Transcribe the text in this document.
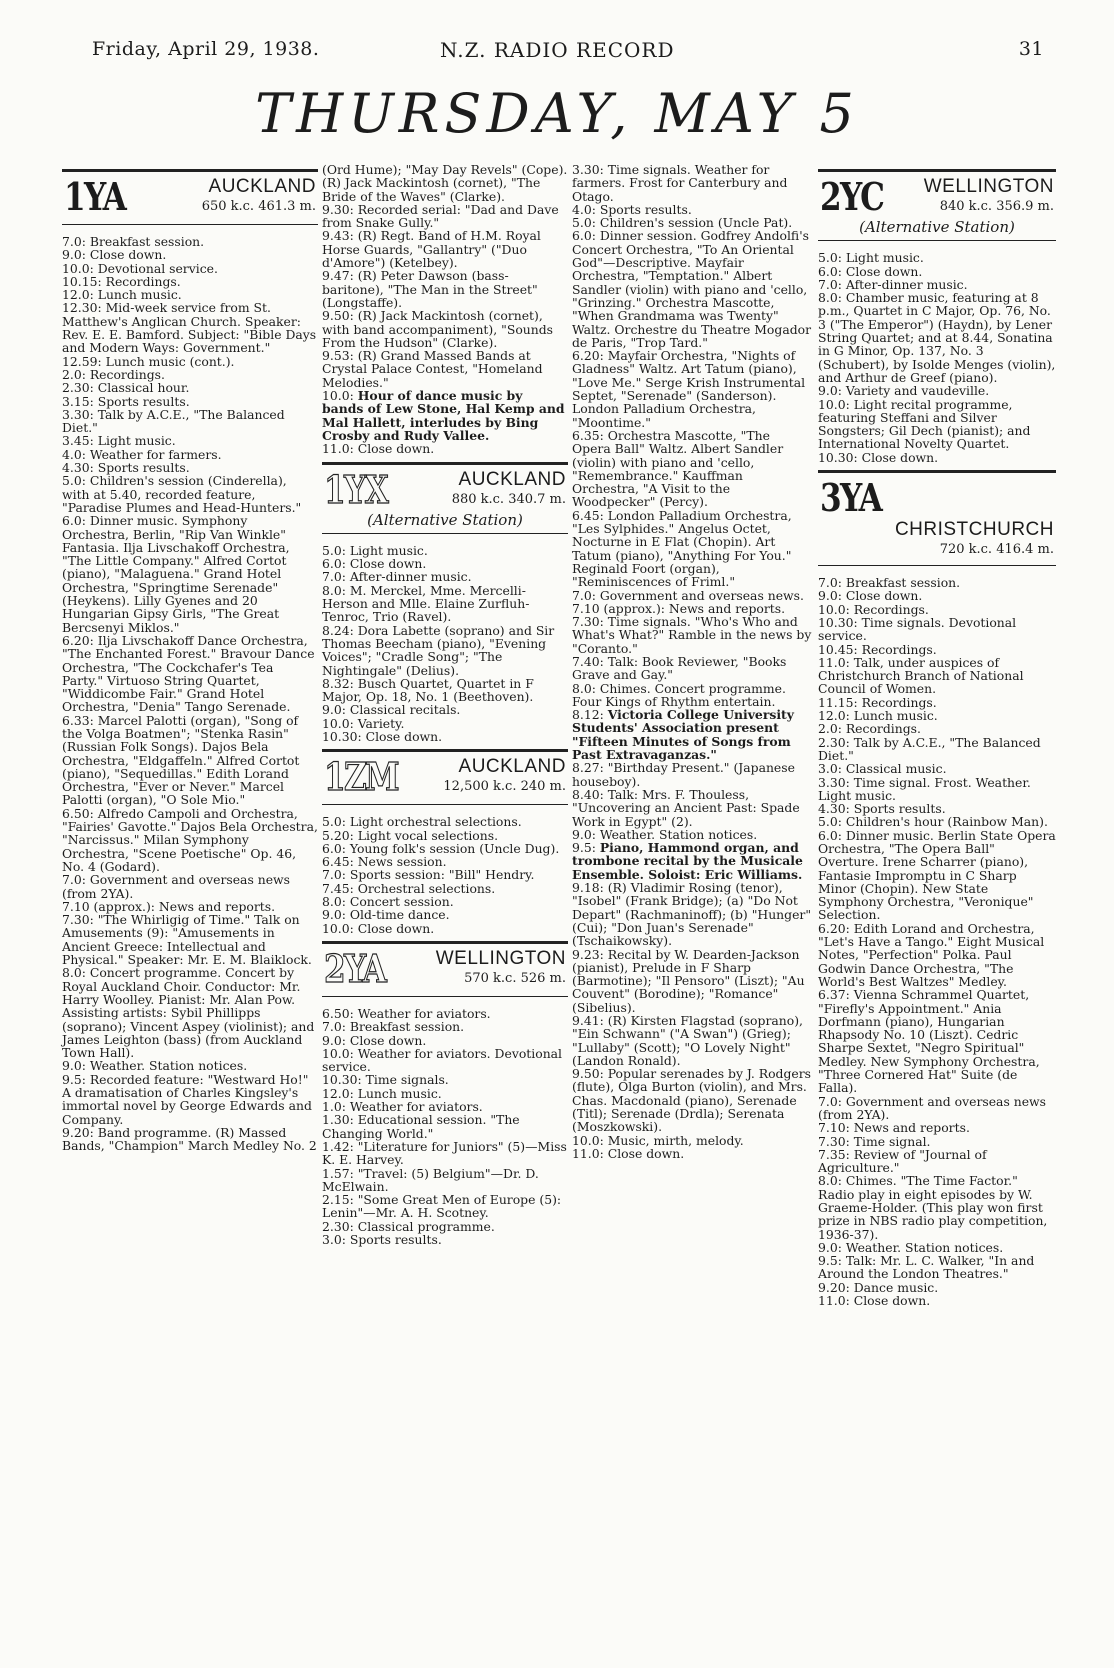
Friday, April 29, 1938.	N.Z. RADIO RECORD	31
THURSDAY, MAY 5
1YA	AUCKLAND
650 k.c. 461.3 m.

7.0: Breakfast session.

9.0: Close down.

10.0: Devotional service.

10.15: Recordings.

12.0: Lunch music.

12.30: Mid-week service from St. Matthew's Anglican Church. Speaker: Rev. E. E. Bamford. Subject: "Bible Days and Modern Ways: Government."

12.59: Lunch music (cont.).

2.0: Recordings.

2.30: Classical hour.

3.15: Sports results.

3.30: Talk by A.C.E., "The Balanced Diet."

3.45: Light music.

4.0: Weather for farmers.

4.30: Sports results.

5.0: Children's session (Cinderella), with at 5.40, recorded feature, "Paradise Plumes and Head-Hunters."

6.0: Dinner music. Symphony Orchestra, Berlin, "Rip Van Winkle" Fantasia. Ilja Livschakoff Orchestra, "The Little Company." Alfred Cortot (piano), "Malaguena." Grand Hotel Orchestra, "Springtime Serenade" (Heykens). Lilly Gyenes and 20 Hungarian Gipsy Girls, "The Great Bercsenyi Miklos."

6.20: Ilja Livschakoff Dance Orchestra, "The Enchanted Forest." Bravour Dance Orchestra, "The Cockchafer's Tea Party." Virtuoso String Quartet, "Widdicombe Fair." Grand Hotel Orchestra, "Denia" Tango Serenade.

6.33: Marcel Palotti (organ), "Song of the Volga Boatmen"; "Stenka Rasin" (Russian Folk Songs). Dajos Bela Orchestra, "Eldgaffeln." Alfred Cortot (piano), "Sequedillas." Edith Lorand Orchestra, "Ever or Never." Marcel Palotti (organ), "O Sole Mio."

6.50: Alfredo Campoli and Orchestra, "Fairies' Gavotte." Dajos Bela Orchestra, "Narcissus." Milan Symphony Orchestra, "Scene Poetische" Op. 46, No. 4 (Godard).

7.0: Government and overseas news (from 2YA).

7.10 (approx.): News and reports.

7.30: "The Whirligig of Time." Talk on Amusements (9): "Amusements in Ancient Greece: Intellectual and Physical." Speaker: Mr. E. M. Blaiklock.

8.0: Concert programme. Concert by Royal Auckland Choir. Conductor: Mr. Harry Woolley. Pianist: Mr. Alan Pow. Assisting artists: Sybil Phillipps (soprano); Vincent Aspey (violinist); and James Leighton (bass) (from Auckland Town Hall).

9.0: Weather. Station notices.

9.5: Recorded feature: "Westward Ho!" A dramatisation of Charles Kingsley's immortal novel by George Edwards and Company.

9.20: Band programme. (R) Massed Bands, "Champion" March Medley No. 2

(Ord Hume); "May Day Revels" (Cope). (R) Jack Mackintosh (cornet), "The Bride of the Waves" (Clarke).

9.30: Recorded serial: "Dad and Dave from Snake Gully."

9.43: (R) Regt. Band of H.M. Royal Horse Guards, "Gallantry" ("Duo d'Amore") (Ketelbey).

9.47: (R) Peter Dawson (bass-baritone), "The Man in the Street" (Longstaffe).

9.50: (R) Jack Mackintosh (cornet), with band accompaniment), "Sounds From the Hudson" (Clarke).

9.53: (R) Grand Massed Bands at Crystal Palace Contest, "Homeland Melodies."

10.0: Hour of dance music by bands of Lew Stone, Hal Kemp and Mal Hallett, interludes by Bing Crosby and Rudy Vallee.

11.0: Close down.

1YX	AUCKLAND
880 k.c. 340.7 m.
(Alternative Station)

5.0: Light music.

6.0: Close down.

7.0: After-dinner music.

8.0: M. Merckel, Mme. Mercelli-Herson and Mlle. Elaine Zurfluh-Tenroc, Trio (Ravel).

8.24: Dora Labette (soprano) and Sir Thomas Beecham (piano), "Evening Voices"; "Cradle Song"; "The Nightingale" (Delius).

8.32: Busch Quartet, Quartet in F Major, Op. 18, No. 1 (Beethoven).

9.0: Classical recitals.

10.0: Variety.

10.30: Close down.

1ZM	AUCKLAND
12,500 k.c. 240 m.

5.0: Light orchestral selections.

5.20: Light vocal selections.

6.0: Young folk's session (Uncle Dug).

6.45: News session.

7.0: Sports session: "Bill" Hendry.

7.45: Orchestral selections.

8.0: Concert session.

9.0: Old-time dance.

10.0: Close down.

2YA	WELLINGTON
570 k.c. 526 m.

6.50: Weather for aviators.

7.0: Breakfast session.

9.0: Close down.

10.0: Weather for aviators. Devotional service.

10.30: Time signals.

12.0: Lunch music.

1.0: Weather for aviators.

1.30: Educational session. "The Changing World."

1.42: "Literature for Juniors" (5)—Miss K. E. Harvey.

1.57: "Travel: (5) Belgium"—Dr. D. McElwain.

2.15: "Some Great Men of Europe (5): Lenin"—Mr. A. H. Scotney.

2.30: Classical programme.

3.0: Sports results.

3.30: Time signals. Weather for farmers. Frost for Canterbury and Otago.

4.0: Sports results.

5.0: Children's session (Uncle Pat).

6.0: Dinner session. Godfrey Andolfi's Concert Orchestra, "To An Oriental God"—Descriptive. Mayfair Orchestra, "Temptation." Albert Sandler (violin) with piano and 'cello, "Grinzing." Orchestra Mascotte, "When Grandmama was Twenty" Waltz. Orchestre du Theatre Mogador de Paris, "Trop Tard."

6.20: Mayfair Orchestra, "Nights of Gladness" Waltz. Art Tatum (piano), "Love Me." Serge Krish Instrumental Septet, "Serenade" (Sanderson). London Palladium Orchestra, "Moontime."

6.35: Orchestra Mascotte, "The Opera Ball" Waltz. Albert Sandler (violin) with piano and 'cello, "Remembrance." Kauffman Orchestra, "A Visit to the Woodpecker" (Percy).

6.45: London Palladium Orchestra, "Les Sylphides." Angelus Octet, Nocturne in E Flat (Chopin). Art Tatum (piano), "Anything For You." Reginald Foort (organ), "Reminiscences of Friml."

7.0: Government and overseas news.

7.10 (approx.): News and reports.

7.30: Time signals. "Who's Who and What's What?" Ramble in the news by "Coranto."

7.40: Talk: Book Reviewer, "Books Grave and Gay."

8.0: Chimes. Concert programme. Four Kings of Rhythm entertain.

8.12: Victoria College University Students' Association present "Fifteen Minutes of Songs from Past Extravaganzas."

8.27: "Birthday Present." (Japanese houseboy).

8.40: Talk: Mrs. F. Thouless, "Uncovering an Ancient Past: Spade Work in Egypt" (2).

9.0: Weather. Station notices.

9.5: Piano, Hammond organ, and trombone recital by the Musicale Ensemble. Soloist: Eric Williams.

9.18: (R) Vladimir Rosing (tenor), "Isobel" (Frank Bridge); (a) "Do Not Depart" (Rachmaninoff); (b) "Hunger" (Cui); "Don Juan's Serenade" (Tschaikowsky).

9.23: Recital by W. Dearden-Jackson (pianist), Prelude in F Sharp (Barmotine); "Il Pensoro" (Liszt); "Au Couvent" (Borodine); "Romance" (Sibelius).

9.41: (R) Kirsten Flagstad (soprano), "Ein Schwann" ("A Swan") (Grieg); "Lullaby" (Scott); "O Lovely Night" (Landon Ronald).

9.50: Popular serenades by J. Rodgers (flute), Olga Burton (violin), and Mrs. Chas. Macdonald (piano), Serenade (Titl); Serenade (Drdla); Serenata (Moszkowski).

10.0: Music, mirth, melody.

11.0: Close down.

2YC	WELLINGTON
840 k.c. 356.9 m.
(Alternative Station)

5.0: Light music.

6.0: Close down.

7.0: After-dinner music.

8.0: Chamber music, featuring at 8 p.m., Quartet in C Major, Op. 76, No. 3 ("The Emperor") (Haydn), by Lener String Quartet; and at 8.44, Sonatina in G Minor, Op. 137, No. 3 (Schubert), by Isolde Menges (violin), and Arthur de Greef (piano).

9.0: Variety and vaudeville.

10.0: Light recital programme, featuring Steffani and Silver Songsters; Gil Dech (pianist); and International Novelty Quartet.

10.30: Close down.

3YA
CHRISTCHURCH
720 k.c. 416.4 m.

7.0: Breakfast session.

9.0: Close down.

10.0: Recordings.

10.30: Time signals. Devotional service.

10.45: Recordings.

11.0: Talk, under auspices of Christchurch Branch of National Council of Women.

11.15: Recordings.

12.0: Lunch music.

2.0: Recordings.

2.30: Talk by A.C.E., "The Balanced Diet."

3.0: Classical music.

3.30: Time signal. Frost. Weather. Light music.

4.30: Sports results.

5.0: Children's hour (Rainbow Man).

6.0: Dinner music. Berlin State Opera Orchestra, "The Opera Ball" Overture. Irene Scharrer (piano), Fantasie Impromptu in C Sharp Minor (Chopin). New State Symphony Orchestra, "Veronique" Selection.

6.20: Edith Lorand and Orchestra, "Let's Have a Tango." Eight Musical Notes, "Perfection" Polka. Paul Godwin Dance Orchestra, "The World's Best Waltzes" Medley.

6.37: Vienna Schrammel Quartet, "Firefly's Appointment." Ania Dorfmann (piano), Hungarian Rhapsody No. 10 (Liszt). Cedric Sharpe Sextet, "Negro Spiritual" Medley. New Symphony Orchestra, "Three Cornered Hat" Suite (de Falla).

7.0: Government and overseas news (from 2YA).

7.10: News and reports.

7.30: Time signal.

7.35: Review of "Journal of Agriculture."

8.0: Chimes. "The Time Factor." Radio play in eight episodes by W. Graeme-Holder. (This play won first prize in NBS radio play competition, 1936-37).

9.0: Weather. Station notices.

9.5: Talk: Mr. L. C. Walker, "In and Around the London Theatres."

9.20: Dance music.

11.0: Close down.
